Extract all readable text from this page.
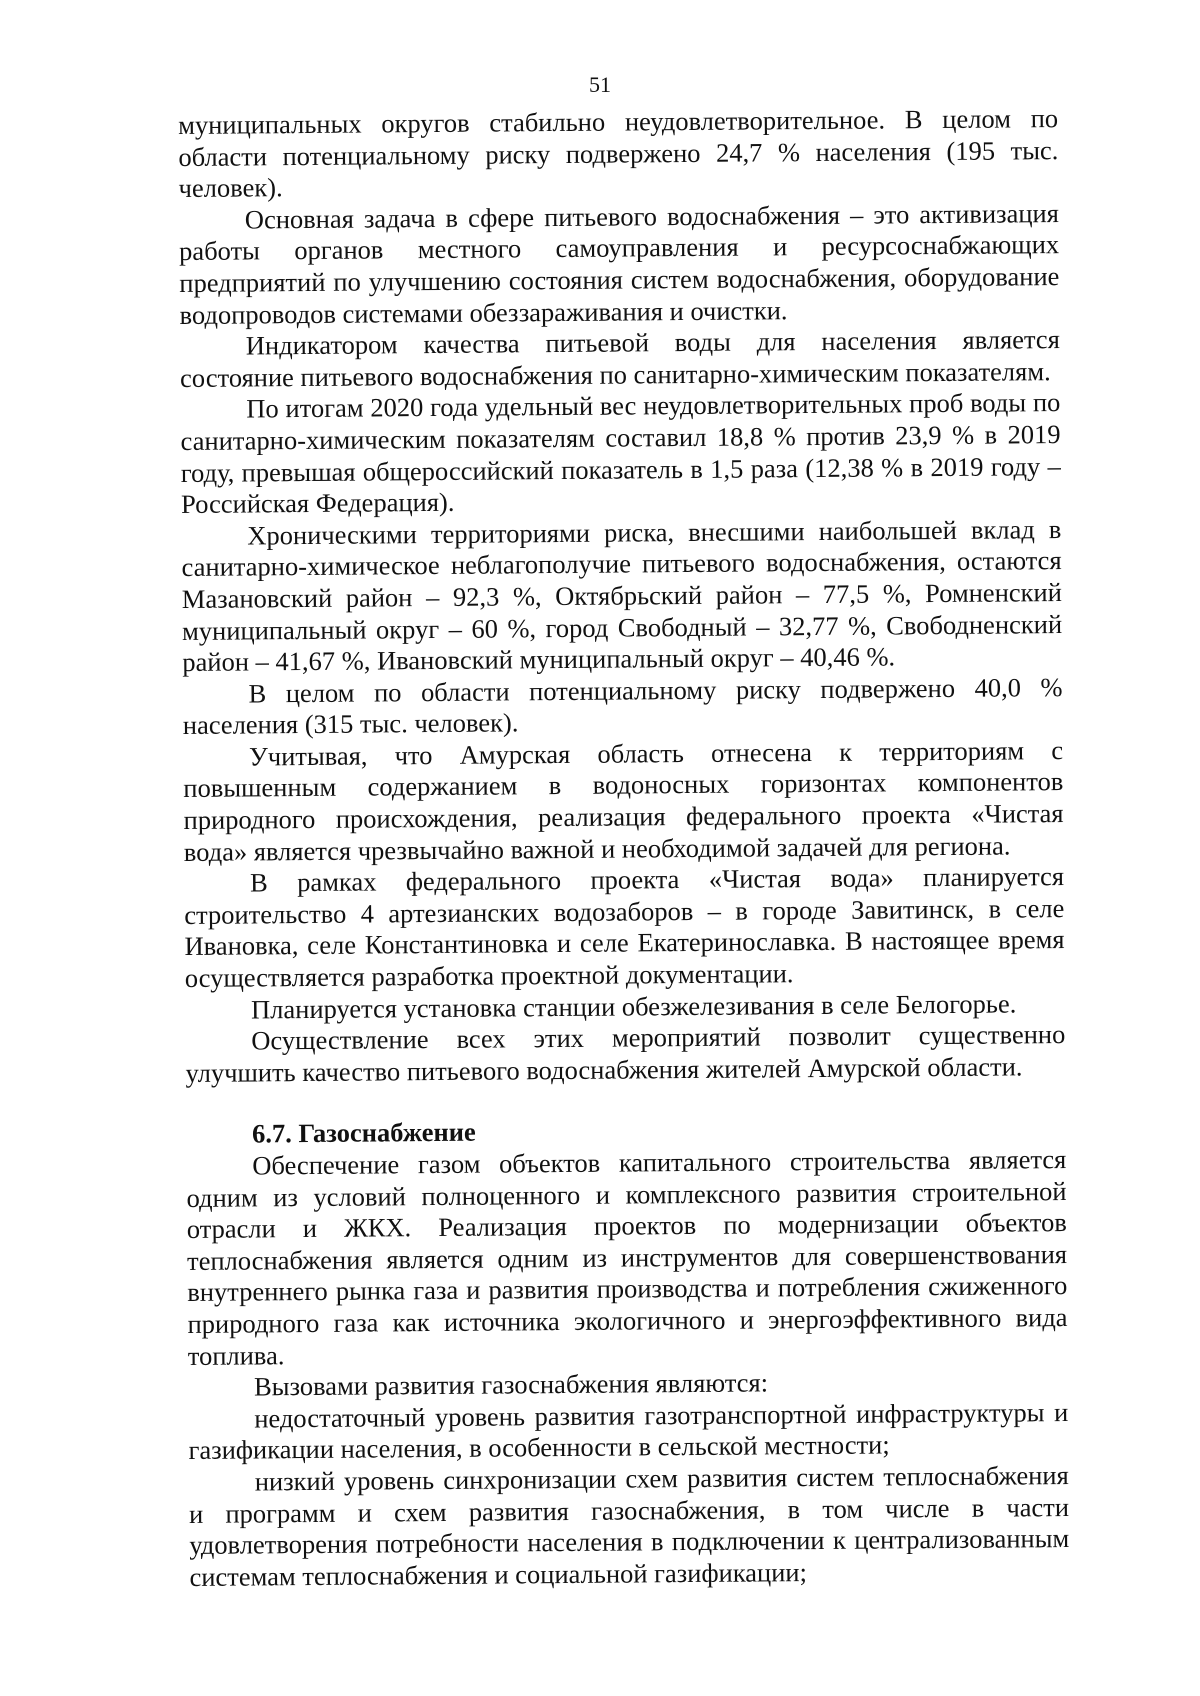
51

муниципальных округов стабильно неудовлетворительное. В целом по области потенциальному риску подвержено 24,7 % населения (195 тыс. человек).

Основная задача в сфере питьевого водоснабжения – это активизация работы органов местного самоуправления и ресурсоснабжающих предприятий по улучшению состояния систем водоснабжения, оборудование водопроводов системами обеззараживания и очистки.

Индикатором качества питьевой воды для населения является состояние питьевого водоснабжения по санитарно-химическим показателям.

По итогам 2020 года удельный вес неудовлетворительных проб воды по санитарно-химическим показателям составил 18,8 % против 23,9 % в 2019 году, превышая общероссийский показатель в 1,5 раза (12,38 % в 2019 году – Российская Федерация).

Хроническими территориями риска, внесшими наибольшей вклад в санитарно-химическое неблагополучие питьевого водоснабжения, остаются Мазановский район – 92,3 %, Октябрьский район – 77,5 %, Ромненский муниципальный округ – 60 %, город Свободный – 32,77 %, Свободненский район – 41,67 %, Ивановский муниципальный округ – 40,46 %.

В целом по области потенциальному риску подвержено 40,0 % населения (315 тыс. человек).

Учитывая, что Амурская область отнесена к территориям с повышенным содержанием в водоносных горизонтах компонентов природного происхождения, реализация федерального проекта «Чистая вода» является чрезвычайно важной и необходимой задачей для региона.

В рамках федерального проекта «Чистая вода» планируется строительство 4 артезианских водозаборов – в городе Завитинск, в селе Ивановка, селе Константиновка и селе Екатеринославка. В настоящее время осуществляется разработка проектной документации.

Планируется установка станции обезжелезивания в селе Белогорье.

Осуществление всех этих мероприятий позволит существенно улучшить качество питьевого водоснабжения жителей Амурской области.

6.7. Газоснабжение

Обеспечение газом объектов капитального строительства является одним из условий полноценного и комплексного развития строительной отрасли и ЖКХ. Реализация проектов по модернизации объектов теплоснабжения является одним из инструментов для совершенствования внутреннего рынка газа и развития производства и потребления сжиженного природного газа как источника экологичного и энергоэффективного вида топлива.

Вызовами развития газоснабжения являются:

недостаточный уровень развития газотранспортной инфраструктуры и газификации населения, в особенности в сельской местности;

низкий уровень синхронизации схем развития систем теплоснабжения и программ и схем развития газоснабжения, в том числе в части удовлетворения потребности населения в подключении к централизованным системам теплоснабжения и социальной газификации;
